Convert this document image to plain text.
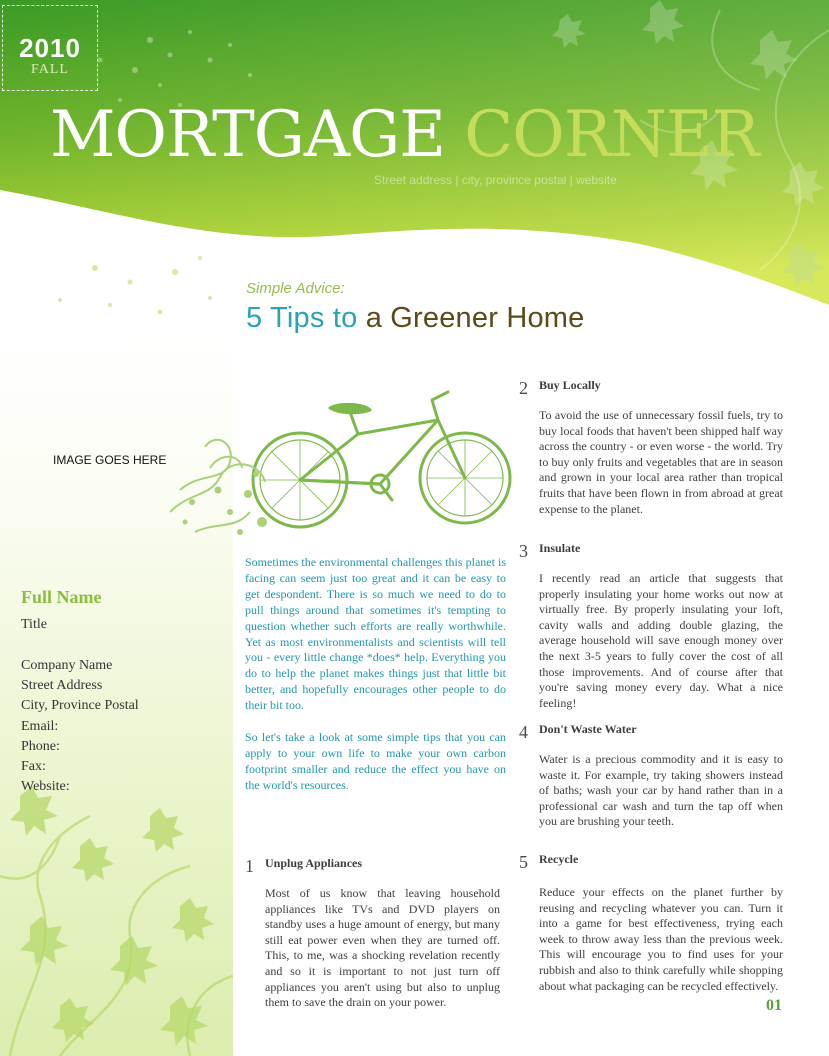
2010
FALL
MORTGAGE CORNER
Street address | city, province postal | website
IMAGE GOES HERE
Full Name
Title
Company Name
Street Address
City, Province Postal
Email:
Phone:
Fax:
Website:
Simple Advice:
5 Tips to a Greener Home

Sometimes the environmental challenges this planet is facing can seem just too great and it can be easy to get despondent. There is so much we need to do to pull things around that sometimes it's tempting to question whether such efforts are really worthwhile. Yet as most environmentalists and scientists will tell you - every little change *does* help. Everything you do to help the planet makes things just that little bit better, and hopefully encourages other people to do their bit too.

So let's take a look at some simple tips that you can apply to your own life to make your own carbon footprint smaller and reduce the effect you have on the world's resources.

1 Unplug Appliances
Most of us know that leaving household appliances like TVs and DVD players on standby uses a huge amount of energy, but many still eat power even when they are turned off. This, to me, was a shocking revelation recently and so it is important to not just turn off appliances you aren't using but also to unplug them to save the drain on your power.
2 Buy Locally
To avoid the use of unnecessary fossil fuels, try to buy local foods that haven't been shipped half way across the country - or even worse - the world. Try to buy only fruits and vegetables that are in season and grown in your local area rather than tropical fruits that have been flown in from abroad at great expense to the planet.
3 Insulate
I recently read an article that suggests that properly insulating your home works out now at virtually free. By properly insulating your loft, cavity walls and adding double glazing, the average household will save enough money over the next 3-5 years to fully cover the cost of all those improvements. And of course after that you're saving money every day. What a nice feeling!
4 Don't Waste Water
Water is a precious commodity and it is easy to waste it. For example, try taking showers instead of baths; wash your car by hand rather than in a professional car wash and turn the tap off when you are brushing your teeth.
5 Recycle
Reduce your effects on the planet further by reusing and recycling whatever you can. Turn it into a game for best effectiveness, trying each week to throw away less than the previous week. This will encourage you to find uses for your rubbish and also to think carefully while shopping about what packaging can be recycled effectively.
01
